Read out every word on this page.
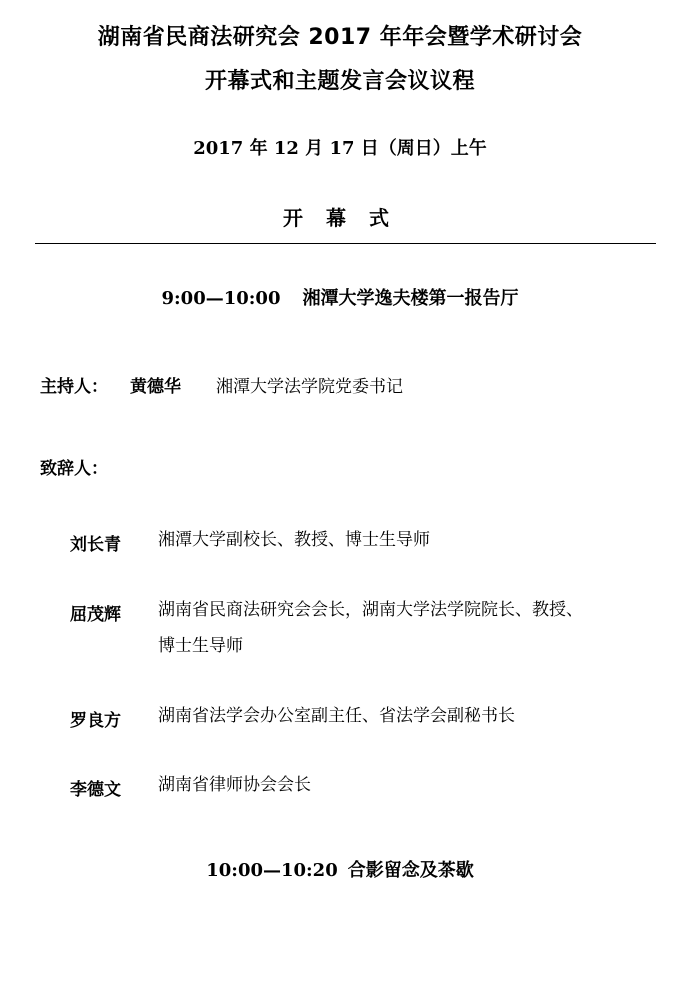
湖南省民商法研究会 2017 年年会暨学术研讨会
开幕式和主题发言会议议程
2017 年 12 月 17 日（周日）上午
开 幕 式
9:00—10:00 湘潭大学逸夫楼第一报告厅
主持人： 黄德华 湘潭大学法学院党委书记
致辞人：
刘长青 湘潭大学副校长、教授、博士生导师
屈茂辉 湖南省民商法研究会会长，湖南大学法学院院长、教授、
博士生导师
罗良方 湖南省法学会办公室副主任、省法学会副秘书长
李德文 湖南省律师协会会长
10:00—10:20 合影留念及茶歇
